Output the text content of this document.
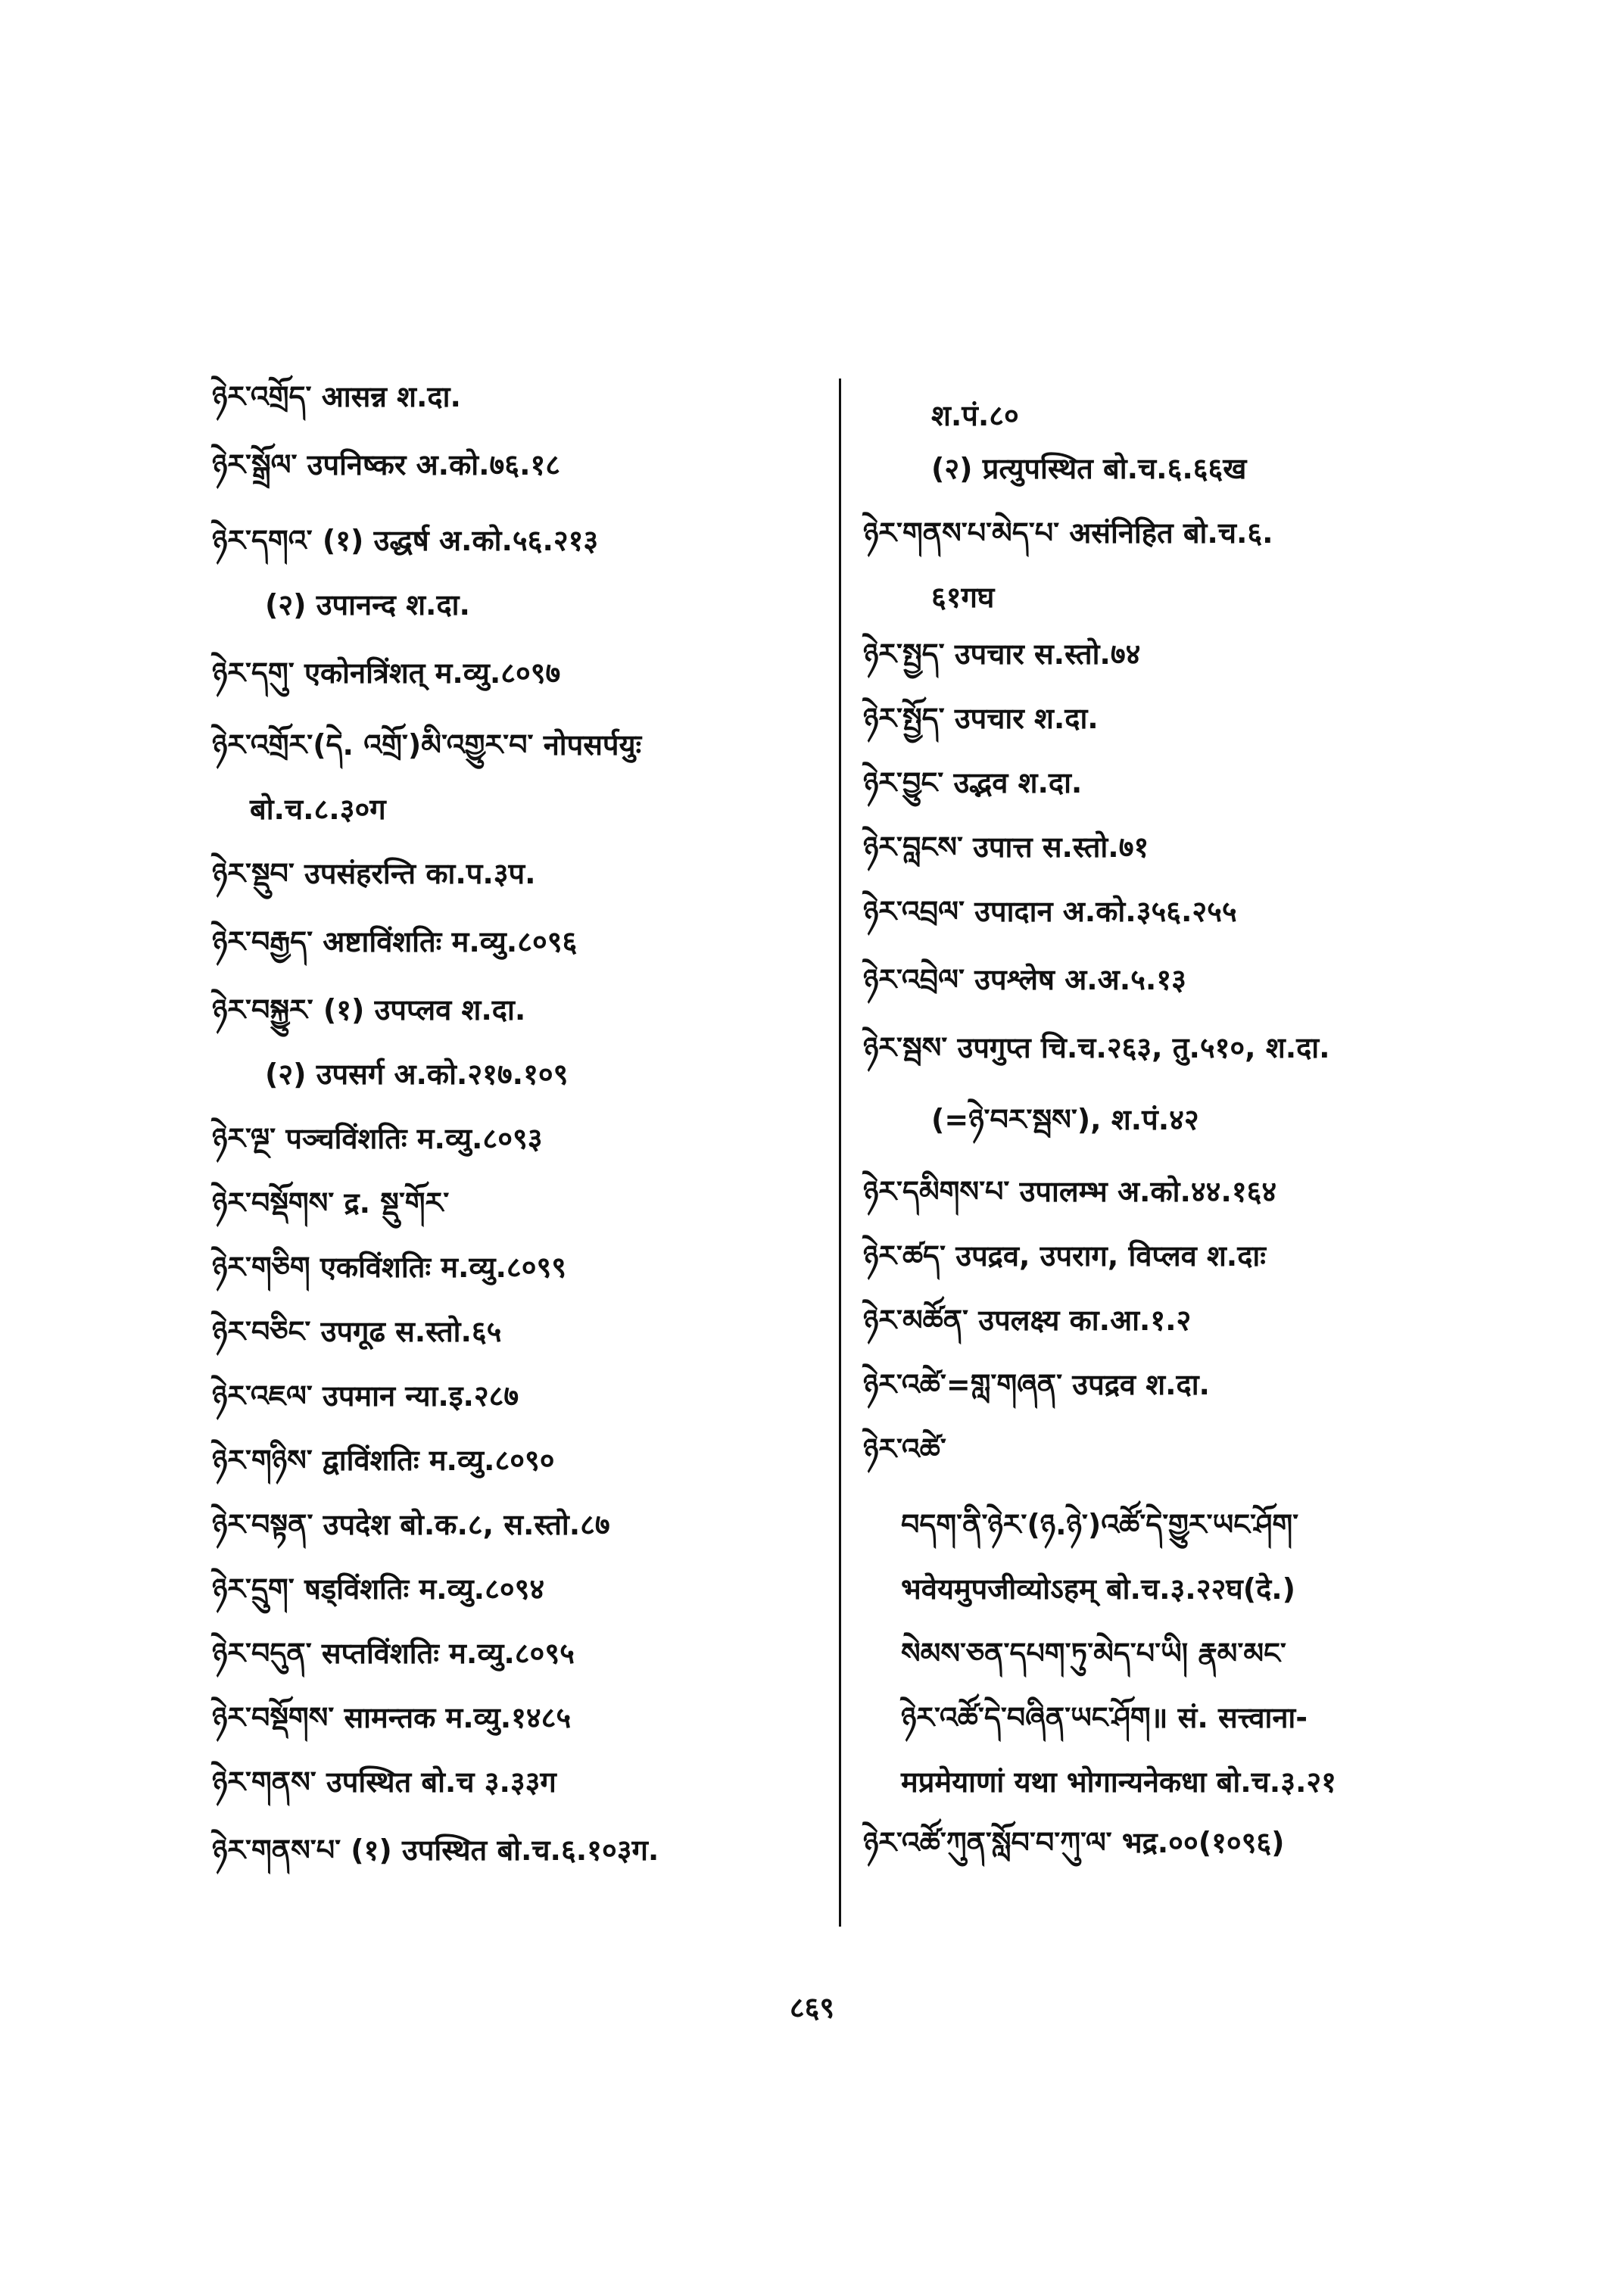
ཉེར་འགྲོད་ आसन्न श.दा.
ཉེར་སྒྲོལ་ उपनिष्कर अ.को.७६.१८
ཉེར་དགའ་ (१) उद्धर्ष अ.को.५६.२१३
(२) उपानन्द श.दा.
ཉེར་དགུ་ एकोनत्रिंशत् म.व्यु.८०९७
ཉེར་འགྲོར་(དེ. འགྲོ་)མི་འགྱུར་བ་ नोपसर्पयुः
बो.च.८.३०ग
ཉེར་སྡུབ་ उपसंहरन्ति का.प.३प.
ཉེར་བརྒྱད་ अष्टाविंशतिः म.व्यु.८०९६
ཉེར་བསྐྱུར་ (१) उपप्लव श.दा.
(२) उपसर्ग अ.को.२१७.१०९
ཉེར་ལྔ་ पञ्चविंशतिः म.व्यु.८०९३
ཉེར་བསྡོགས་ द्र. སྡུ་གོར་
ཉེར་གཅིག एकविंशतिः म.व्यु.८०९९
ཉེར་བཅིང་ उपगूढ स.स्तो.६५
ཉེར་འཇལ་ उपमान न्या.इ.२८७
ཉེར་གཉིས་ द्वाविंशतिः म.व्यु.८०९०
ཉེར་བསྟན་ उपदेश बो.क.८, स.स्तो.८७
ཉེར་དྲུག་ षड्विंशतिः म.व्यु.८०९४
ཉེར་བདུན་ सप्तविंशतिः म.व्यु.८०९५
ཉེར་བསྡོགས་ सामन्तक म.व्यु.१४८५
ཉེར་གནས་ उपस्थित बो.च ३.३३ग
ཉེར་གནས་པ་ (१) उपस्थित बो.च.६.१०३ग.
श.पं.८०
(२) प्रत्युपस्थित बो.च.६.६६ख
ཉེར་གནས་པ་མེད་པ་ असंनिहित बो.च.६.
६१गघ
ཉེར་སྤྱད་ उपचार स.स्तो.७४
ཉེར་སྤྱོད་ उपचार श.दा.
ཉེར་བྱུང་ उद्भव श.दा.
ཉེར་བླངས་ उपात्त स.स्तो.७१
ཉེར་འབྲལ་ उपादान अ.को.३५६.२५५
ཉེར་འབྲེལ་ उपश्लेष अ.अ.५.१३
ཉེར་སྦས་ उपगुप्त चि.च.२६३, तु.५१०, श.दा.
(=ཉེ་བར་སྦས་), श.पं.४२
ཉེར་དམིགས་པ་ उपालम्भ अ.को.४४.१६४
ཉེར་ཚད་ उपद्रव, उपराग, विप्लव श.दाः
ཉེར་མཚོན་ उपलक्ष्य का.आ.१.२
ཉེར་འཚེ་=གླ་གཞན་ उपद्रव श.दा.
ཉེར་འཚེ་
བདག་ནི་ཉེར་(ཉ.ཉེ་)འཚོ་དེ་གྱུར་ཡང་ཤོག་
भवेयमुपजीव्योऽहम् बो.च.३.२२घ(दे.)
སེམས་ཅན་དཔག་ཏུ་མེད་པ་ཡི། རྣམ་མང་
ཉེར་འཚོ་དེ་བཞིན་ཡང་ཤོག॥ सं. सत्त्वाना-
मप्रमेयाणां यथा भोगान्यनेकधा बो.च.३.२१
ཉེར་འཚོ་ཀུན་སློབ་བ་ཀུ་ལ་ भद्र.००(१०९६)
८६९
